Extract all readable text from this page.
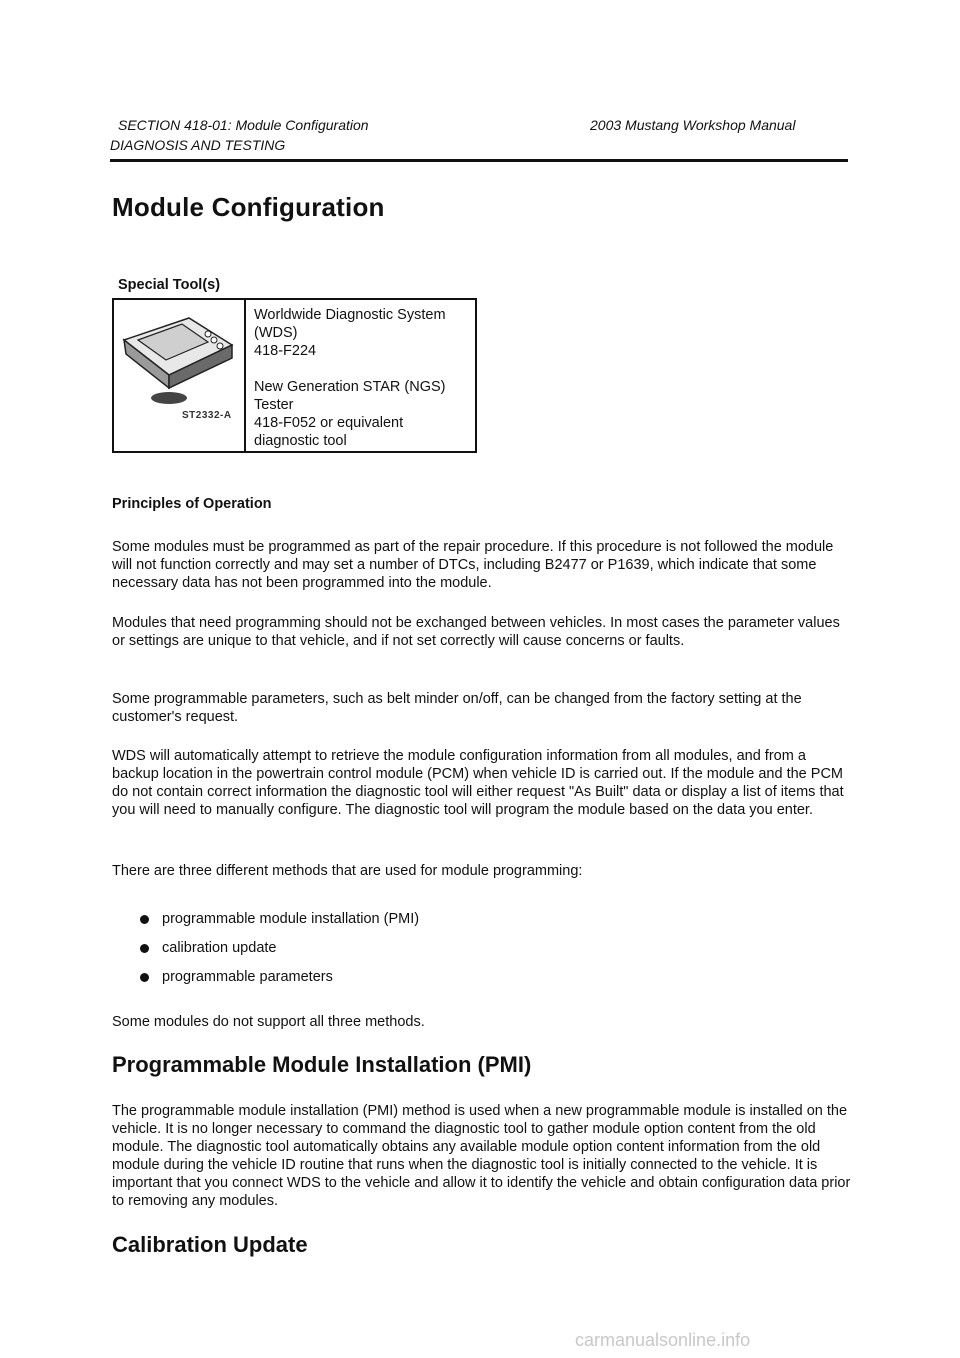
SECTION 418-01: Module Configuration	2003 Mustang Workshop Manual
DIAGNOSIS AND TESTING
Module Configuration
Special Tool(s)
ST2332-A

Worldwide Diagnostic System

(WDS)

418-F224

New Generation STAR (NGS)

Tester

418-F052 or equivalent

diagnostic tool

Principles of Operation

Some modules must be programmed as part of the repair procedure. If this procedure is not followed the module will not function correctly and may set a number of DTCs, including B2477 or P1639, which indicate that some necessary data has not been programmed into the module.

Modules that need programming should not be exchanged between vehicles. In most cases the parameter values or settings are unique to that vehicle, and if not set correctly will cause concerns or faults.

Some programmable parameters, such as belt minder on/off, can be changed from the factory setting at the customer's request.

WDS will automatically attempt to retrieve the module configuration information from all modules, and from a backup location in the powertrain control module (PCM) when vehicle ID is carried out. If the module and the PCM do not contain correct information the diagnostic tool will either request "As Built" data or display a list of items that you will need to manually configure. The diagnostic tool will program the module based on the data you enter.

There are three different methods that are used for module programming:

programmable module installation (PMI)
calibration update
programmable parameters

Some modules do not support all three methods.

Programmable Module Installation (PMI)

The programmable module installation (PMI) method is used when a new programmable module is installed on the vehicle. It is no longer necessary to command the diagnostic tool to gather module option content from the old module. The diagnostic tool automatically obtains any available module option content information from the old module during the vehicle ID routine that runs when the diagnostic tool is initially connected to the vehicle. It is important that you connect WDS to the vehicle and allow it to identify the vehicle and obtain configuration data prior to removing any modules.

Calibration Update
carmanualsonline.info
